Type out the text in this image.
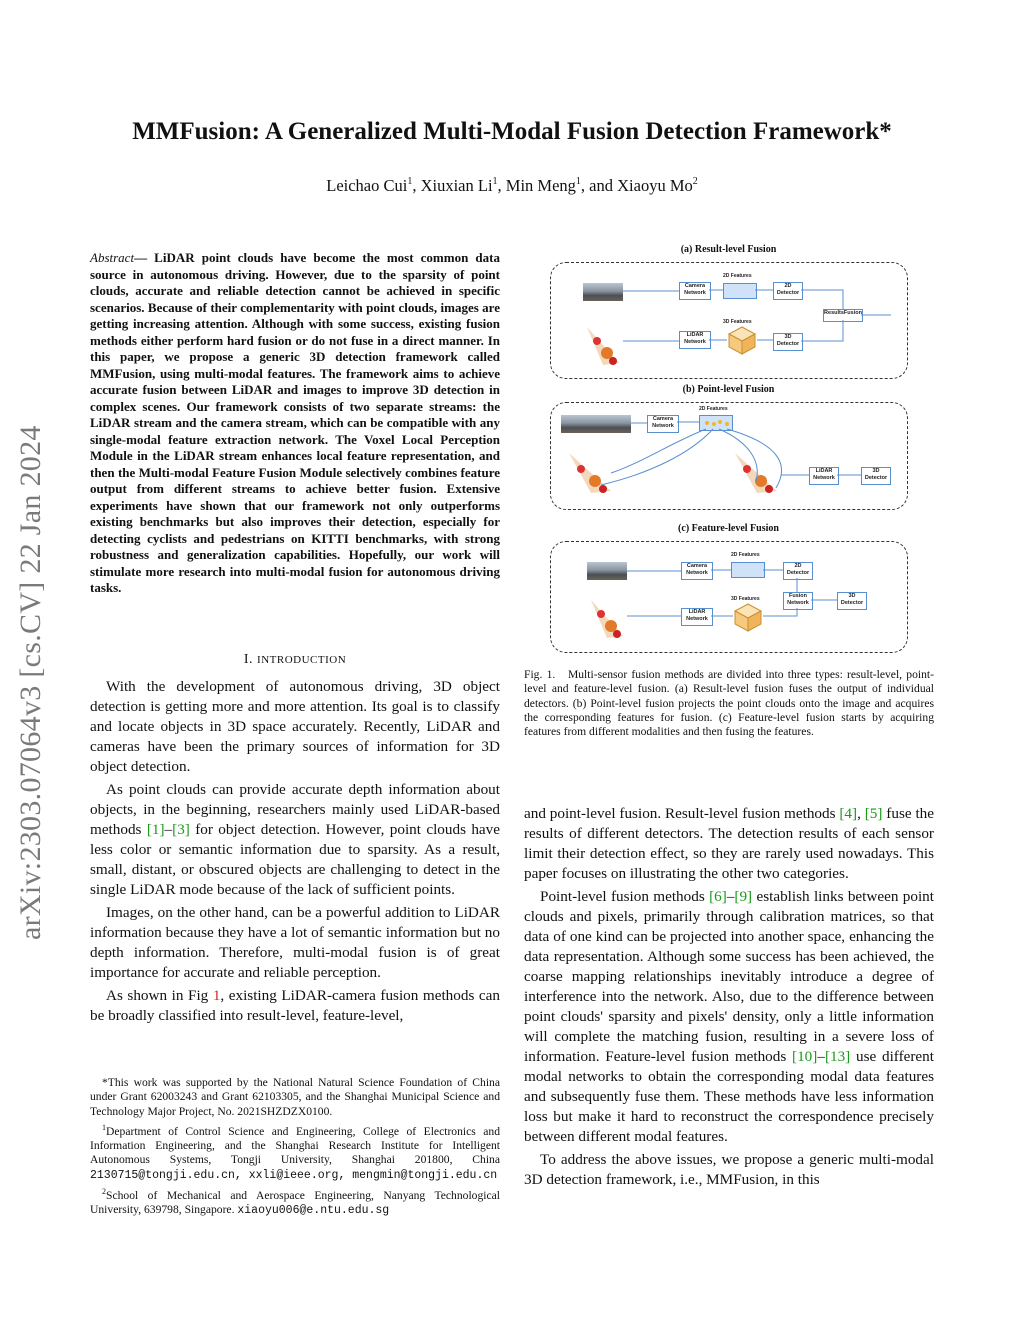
MMFusion: A Generalized Multi-Modal Fusion Detection Framework*
Leichao Cui$^1$, Xiuxian Li$^1$, Min Meng$^1$, and Xiaoyu Mo$^2$
arXiv:2303.07064v3 [cs.CV] 22 Jan 2024
Abstract— LiDAR point clouds have become the most common data source in autonomous driving. However, due to the sparsity of point clouds, accurate and reliable detection cannot be achieved in specific scenarios. Because of their complementarity with point clouds, images are getting increasing attention. Although with some success, existing fusion methods either perform hard fusion or do not fuse in a direct manner. In this paper, we propose a generic 3D detection framework called MMFusion, using multi-modal features. The framework aims to achieve accurate fusion between LiDAR and images to improve 3D detection in complex scenes. Our framework consists of two separate streams: the LiDAR stream and the camera stream, which can be compatible with any single-modal feature extraction network. The Voxel Local Perception Module in the LiDAR stream enhances local feature representation, and then the Multi-modal Feature Fusion Module selectively combines feature output from different streams to achieve better fusion. Extensive experiments have shown that our framework not only outperforms existing benchmarks but also improves their detection, especially for detecting cyclists and pedestrians on KITTI benchmarks, with strong robustness and generalization capabilities. Hopefully, our work will stimulate more research into multi-modal fusion for autonomous driving tasks.
I. INTRODUCTION

With the development of autonomous driving, 3D object detection is getting more and more attention. Its goal is to classify and locate objects in 3D space accurately. Recently, LiDAR and cameras have been the primary sources of information for 3D object detection.

As point clouds can provide accurate depth information about objects, in the beginning, researchers mainly used LiDAR-based methods [1]–[3] for object detection. However, point clouds have less color or semantic information due to sparsity. As a result, small, distant, or obscured objects are challenging to detect in the single LiDAR mode because of the lack of sufficient points.

Images, on the other hand, can be a powerful addition to LiDAR information because they have a lot of semantic information but no depth information. Therefore, multi-modal fusion is of great importance for accurate and reliable perception.

As shown in Fig 1, existing LiDAR-camera fusion methods can be broadly classified into result-level, feature-level,

*This work was supported by the National Natural Science Foundation of China under Grant 62003243 and Grant 62103305, and the Shanghai Municipal Science and Technology Major Project, No. 2021SHZDZX0100.

$^1$Department of Control Science and Engineering, College of Electronics and Information Engineering, and the Shanghai Research Institute for Intelligent Autonomous Systems, Tongji University, Shanghai 201800, China 2130715@tongji.edu.cn, xxli@ieee.org, mengmin@tongji.edu.cn

$^2$School of Mechanical and Aerospace Engineering, Nanyang Technological University, 639798, Singapore. xiaoyu006@e.ntu.edu.sg

(a) Result-level Fusion
Camera Network
2D Features
2D Detector
ResultsFusion
LiDAR Network
3D Features
3D Detector
(b) Point-level Fusion
Camera Network
2D Features
LiDAR Network
3D Detector
(c) Feature-level Fusion
Camera Network
2D Features
2D Detector
Fusion Network
3D Detector
LiDAR Network
3D Features
Fig. 1. Multi-sensor fusion methods are divided into three types: result-level, point-level and feature-level fusion. (a) Result-level fusion fuses the output of individual detectors. (b) Point-level fusion projects the point clouds onto the image and acquires the corresponding features for fusion. (c) Feature-level fusion starts by acquiring features from different modalities and then fusing the features.

and point-level fusion. Result-level fusion methods [4], [5] fuse the results of different detectors. The detection results of each sensor limit their detection effect, so they are rarely used nowadays. This paper focuses on illustrating the other two categories.

Point-level fusion methods [6]–[9] establish links between point clouds and pixels, primarily through calibration matrices, so that data of one kind can be projected into another space, enhancing the data representation. Although some success has been achieved, the coarse mapping relationships inevitably introduce a degree of interference into the network. Also, due to the difference between point clouds' sparsity and pixels' density, only a little information will complete the matching fusion, resulting in a severe loss of information. Feature-level fusion methods [10]–[13] use different modal networks to obtain the corresponding modal data features and subsequently fuse them. These methods have less information loss but make it hard to reconstruct the correspondence precisely between different modal features.

To address the above issues, we propose a generic multi-modal 3D detection framework, i.e., MMFusion, in this
